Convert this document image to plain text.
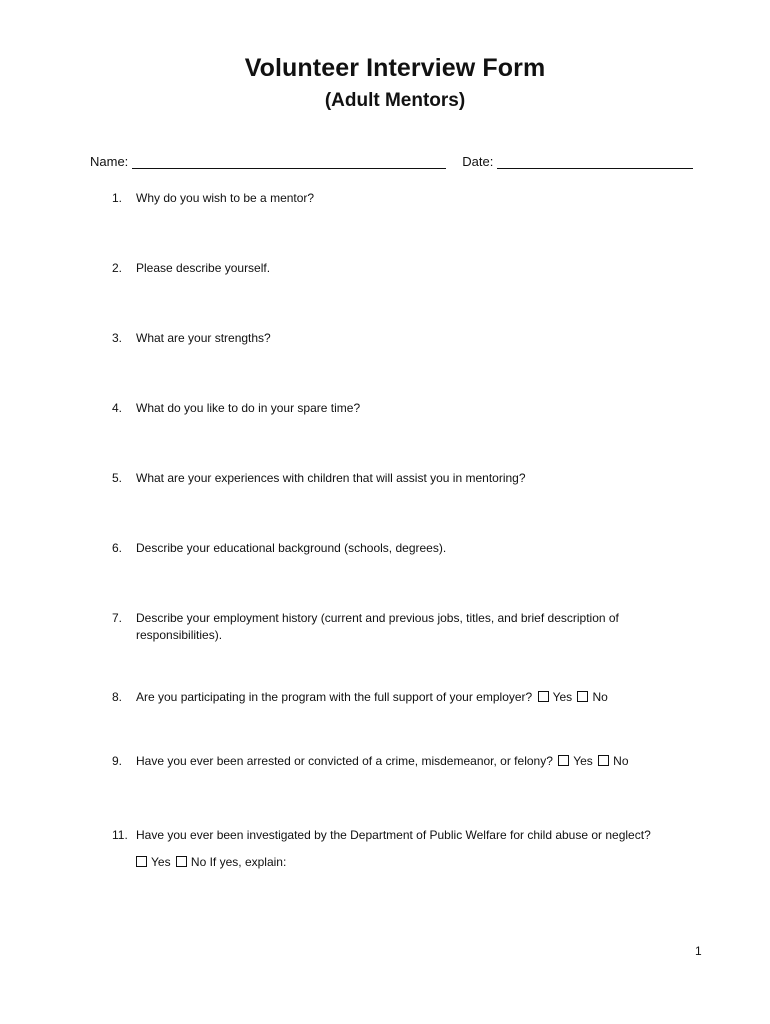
Volunteer Interview Form
(Adult Mentors)
Name:	Date:
1.	Why do you wish to be a mentor?
2.	Please describe yourself.
3.	What are your strengths?
4.	What do you like to do in your spare time?
5.	What are your experiences with children that will assist you in mentoring?
6.	Describe your educational background (schools, degrees).
7.	Describe your employment history (current and previous jobs, titles, and brief description of responsibilities).
8.	Are you participating in the program with the full support of your employer? Yes No
9.	Have you ever been arrested or convicted of a crime, misdemeanor, or felony? Yes No
11. Have you ever been investigated by the Department of Public Welfare for child abuse or neglect?
Yes No If yes, explain:
1
